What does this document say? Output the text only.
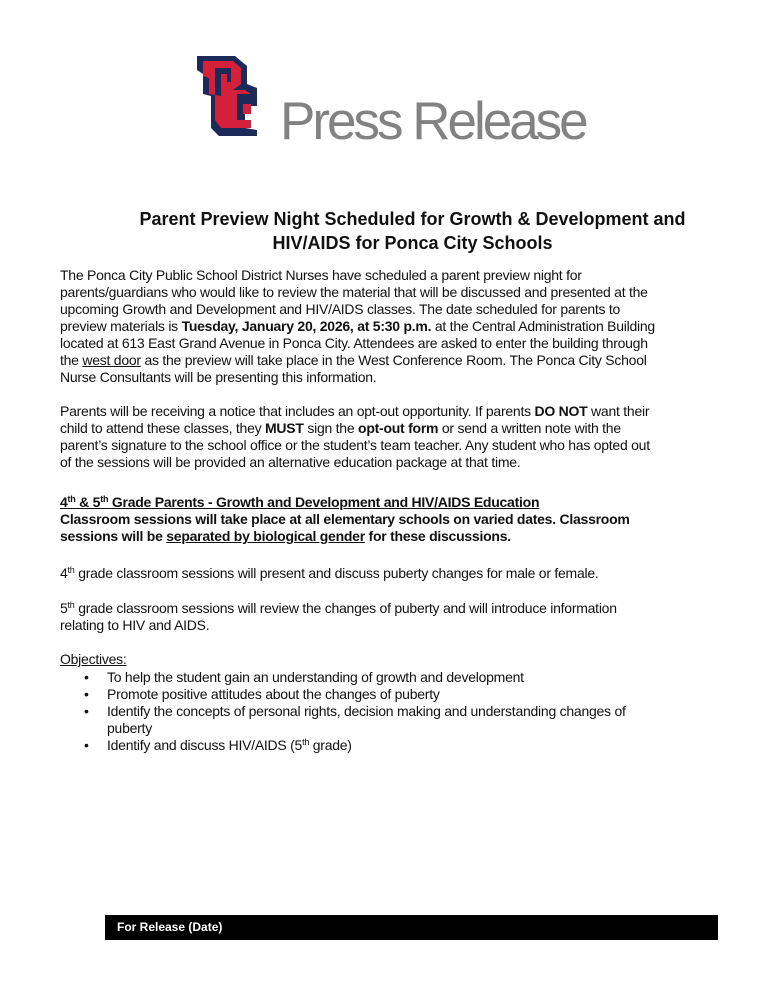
Press Release
Parent Preview Night Scheduled for Growth & Development and
HIV/AIDS for Ponca City Schools
The Ponca City Public School District Nurses have scheduled a parent preview night for
parents/guardians who would like to review the material that will be discussed and presented at the
upcoming Growth and Development and HIV/AIDS classes. The date scheduled for parents to
preview materials is Tuesday, January 20, 2026, at 5:30 p.m. at the Central Administration Building
located at 613 East Grand Avenue in Ponca City. Attendees are asked to enter the building through
the west door as the preview will take place in the West Conference Room. The Ponca City School
Nurse Consultants will be presenting this information.
Parents will be receiving a notice that includes an opt-out opportunity. If parents DO NOT want their
child to attend these classes, they MUST sign the opt-out form or send a written note with the
parent’s signature to the school office or the student’s team teacher. Any student who has opted out
of the sessions will be provided an alternative education package at that time.
4th & 5th Grade Parents - Growth and Development and HIV/AIDS Education
Classroom sessions will take place at all elementary schools on varied dates. Classroom
sessions will be separated by biological gender for these discussions.
4th grade classroom sessions will present and discuss puberty changes for male or female.
5th grade classroom sessions will review the changes of puberty and will introduce information
relating to HIV and AIDS.
Objectives:
•	To help the student gain an understanding of growth and development
•	Promote positive attitudes about the changes of puberty
•	Identify the concepts of personal rights, decision making and understanding changes of
puberty
•	Identify and discuss HIV/AIDS (5th grade)
For Release (Date)
